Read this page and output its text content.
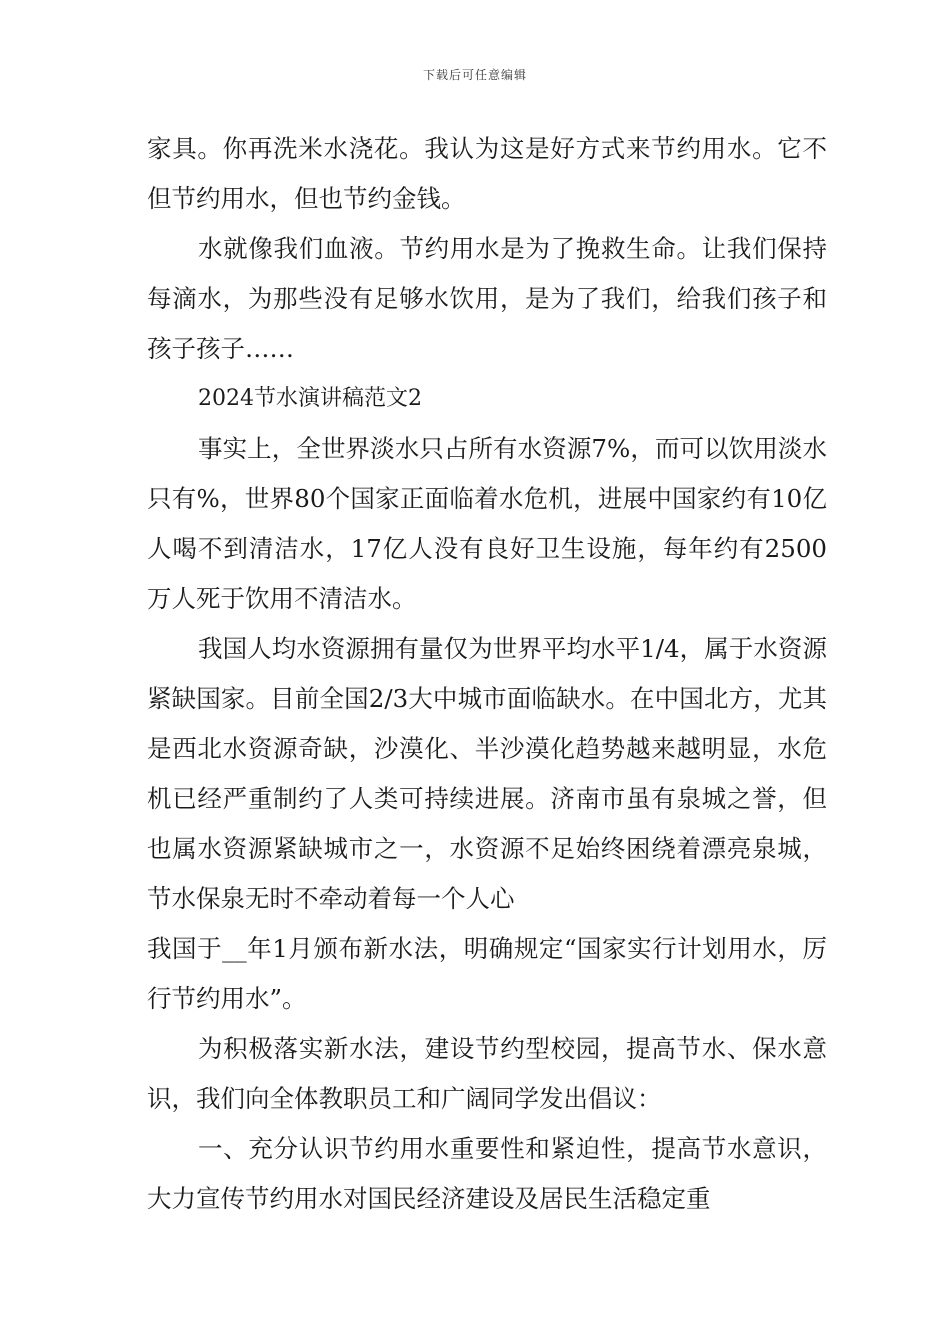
下载后可任意编辑

家具。你再洗米水浇花。我认为这是好方式来节约用水。它不但节约用水，但也节约金钱。

水就像我们血液。节约用水是为了挽救生命。让我们保持每滴水，为那些没有足够水饮用，是为了我们，给我们孩子和孩子孩子……

2024节水演讲稿范文2

事实上，全世界淡水只占所有水资源7%，而可以饮用淡水只有%，世界80个国家正面临着水危机，进展中国家约有10亿人喝不到清洁水，17亿人没有良好卫生设施，每年约有2500万人死于饮用不清洁水。

我国人均水资源拥有量仅为世界平均水平1/4，属于水资源紧缺国家。目前全国2/3大中城市面临缺水。在中国北方，尤其是西北水资源奇缺，沙漠化、半沙漠化趋势越来越明显，水危机已经严重制约了人类可持续进展。济南市虽有泉城之誉，但也属水资源紧缺城市之一，水资源不足始终困绕着漂亮泉城，节水保泉无时不牵动着每一个人心

我国于__年1月颁布新水法，明确规定“国家实行计划用水，厉行节约用水”。

为积极落实新水法，建设节约型校园，提高节水、保水意识，我们向全体教职员工和广阔同学发出倡议：

一、充分认识节约用水重要性和紧迫性，提高节水意识，大力宣传节约用水对国民经济建设及居民生活稳定重
